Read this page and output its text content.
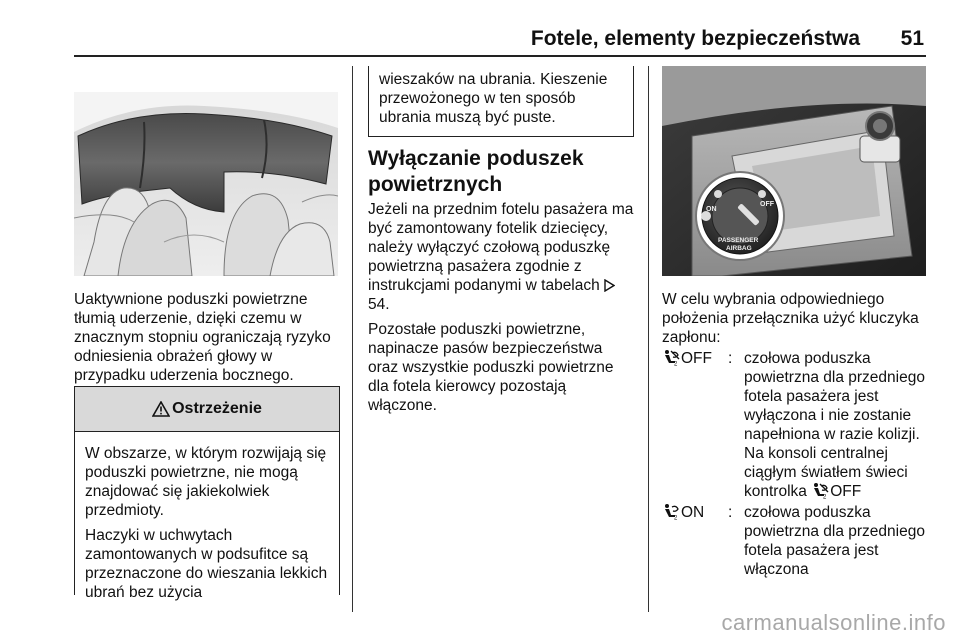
Fotele, elementy bezpieczeństwa 51
Uaktywnione poduszki powietrzne tłumią uderzenie, dzięki czemu w znacznym stopniu ograniczają ryzyko odniesienia obrażeń głowy w przypadku uderzenia bocznego.
Ostrzeżenie

W obszarze, w którym rozwijają się poduszki powietrzne, nie mogą znajdować się jakiekolwiek przedmioty.

Haczyki w uchwytach zamontowanych w podsufitce są przeznaczone do wieszania lekkich ubrań bez użycia

wieszaków na ubrania. Kieszenie przewożonego w ten sposób ubrania muszą być puste.
Wyłączanie poduszek powietrznych

Jeżeli na przednim fotelu pasażera ma być zamontowany fotelik dziecięcy, należy wyłączyć czołową poduszkę powietrzną pasażera zgodnie z instrukcjami podanymi w tabelach  54.

Pozostałe poduszki powietrzne, napinacze pasów bezpieczeństwa oraz wszystkie poduszki powietrzne dla fotela kierowcy pozostają włączone.

ON
OFF
PASSENGER
AIRBAG
W celu wybrania odpowiedniego położenia przełącznika użyć kluczyka zapłonu:
2 OFF : czołowa poduszka powietrzna dla przedniego fotela pasażera jest wyłączona i nie zostanie napełniona w razie kolizji. Na konsoli centralnej ciągłym światłem świeci kontrolka 2 OFF
2 ON : czołowa poduszka powietrzna dla przedniego fotela pasażera jest włączona
carmanualsonline.info
